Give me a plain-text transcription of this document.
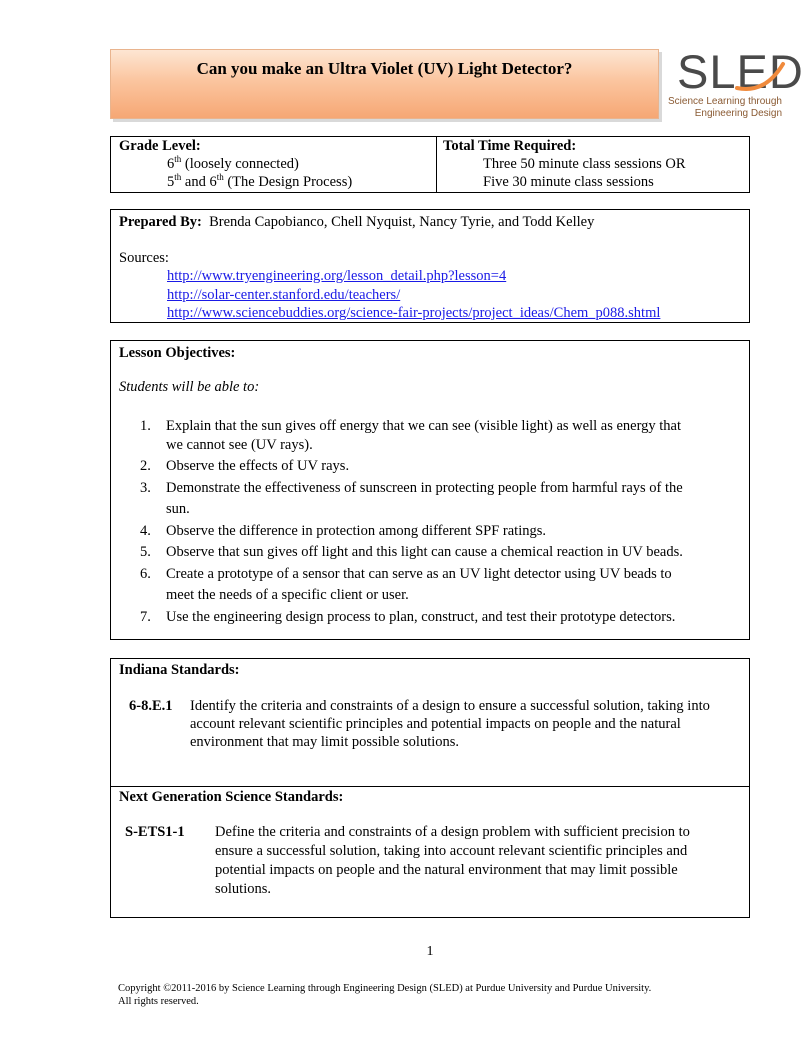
Can you make an Ultra Violet (UV) Light Detector?	SLED
Science Learning through
Engineering Design
Grade Level:
6th (loosely connected)
5th and 6th (The Design Process)
Total Time Required:
Three 50 minute class sessions OR
Five 30 minute class sessions
Prepared By: Brenda Capobianco, Chell Nyquist, Nancy Tyrie, and Todd Kelley
Sources:
http://www.tryengineering.org/lesson_detail.php?lesson=4
http://solar-center.stanford.edu/teachers/
http://www.sciencebuddies.org/science-fair-projects/project_ideas/Chem_p088.shtml
Lesson Objectives:
Students will be able to:
1. Explain that the sun gives off energy that we can see (visible light) as well as energy that
we cannot see (UV rays).
2. Observe the effects of UV rays.
3. Demonstrate the effectiveness of sunscreen in protecting people from harmful rays of the
sun.
4. Observe the difference in protection among different SPF ratings.
5. Observe that sun gives off light and this light can cause a chemical reaction in UV beads.
6. Create a prototype of a sensor that can serve as an UV light detector using UV beads to
meet the needs of a specific client or user.
7. Use the engineering design process to plan, construct, and test their prototype detectors.
Indiana Standards:
6-8.E.1 Identify the criteria and constraints of a design to ensure a successful solution, taking into
account relevant scientific principles and potential impacts on people and the natural
environment that may limit possible solutions.
Next Generation Science Standards:
S-ETS1-1 Define the criteria and constraints of a design problem with sufficient precision to
ensure a successful solution, taking into account relevant scientific principles and
potential impacts on people and the natural environment that may limit possible
solutions.
1
Copyright ©2011-2016 by Science Learning through Engineering Design (SLED) at Purdue University and Purdue University.
All rights reserved.
